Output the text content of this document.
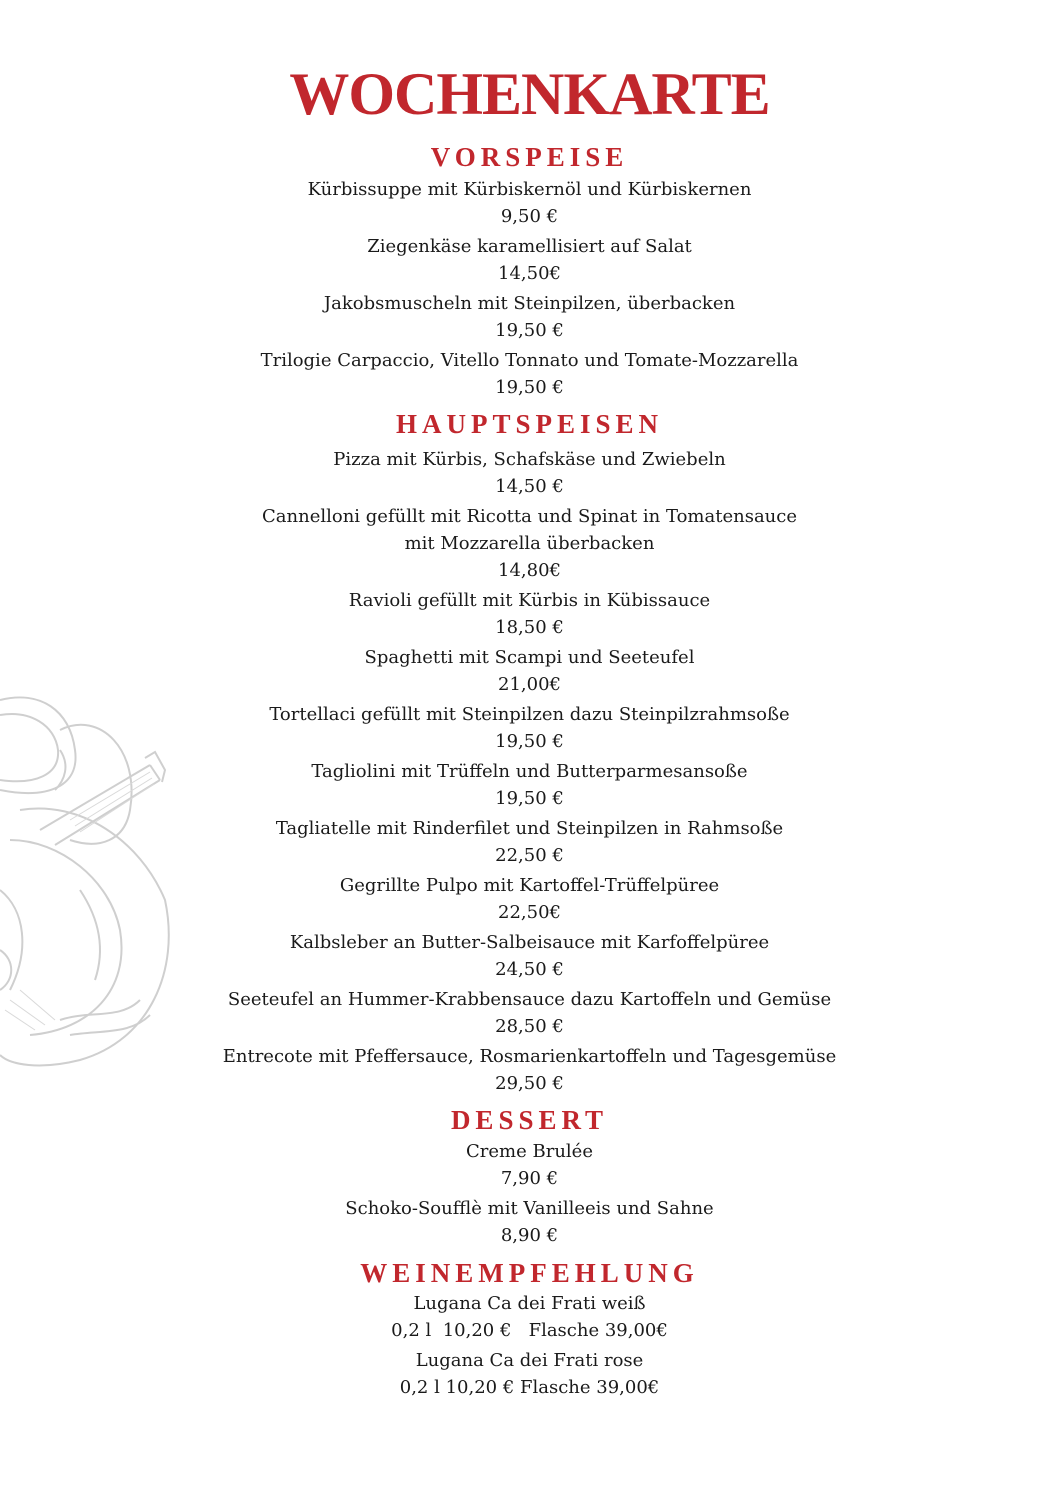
WOCHENKARTE
VORSPEISE
Kürbissuppe mit Kürbiskernöl und Kürbiskernen
9,50 €
Ziegenkäse karamellisiert auf Salat
14,50€
Jakobsmuscheln mit Steinpilzen, überbacken
19,50 €
Trilogie Carpaccio, Vitello Tonnato und Tomate-Mozzarella
19,50 €
HAUPTSPEISEN
Pizza mit Kürbis, Schafskäse und Zwiebeln
14,50 €
Cannelloni gefüllt mit Ricotta und Spinat in Tomatensauce
mit Mozzarella überbacken
14,80€
Ravioli gefüllt mit Kürbis in Kübissauce
18,50 €
Spaghetti mit Scampi und Seeteufel
21,00€
Tortellaci gefüllt mit Steinpilzen dazu Steinpilzrahmsoße
19,50 €
Tagliolini mit Trüffeln und Butterparmesansoße
19,50 €
Tagliatelle mit Rinderfilet und Steinpilzen in Rahmsoße
22,50 €
Gegrillte Pulpo mit Kartoffel-Trüffelpüree
22,50€
Kalbsleber an Butter-Salbeisauce mit Karfoffelpüree
24,50 €
Seeteufel an Hummer-Krabbensauce dazu Kartoffeln und Gemüse
28,50 €
Entrecote mit Pfeffersauce, Rosmarienkartoffeln und Tagesgemüse
29,50 €
DESSERT
Creme Brulée
7,90 €
Schoko-Soufflè mit Vanilleeis und Sahne
8,90 €
WEINEMPFEHLUNG
Lugana Ca dei Frati weiß
0,2 l  10,20 €   Flasche 39,00€
Lugana Ca dei Frati rose
0,2 l 10,20 € Flasche 39,00€
